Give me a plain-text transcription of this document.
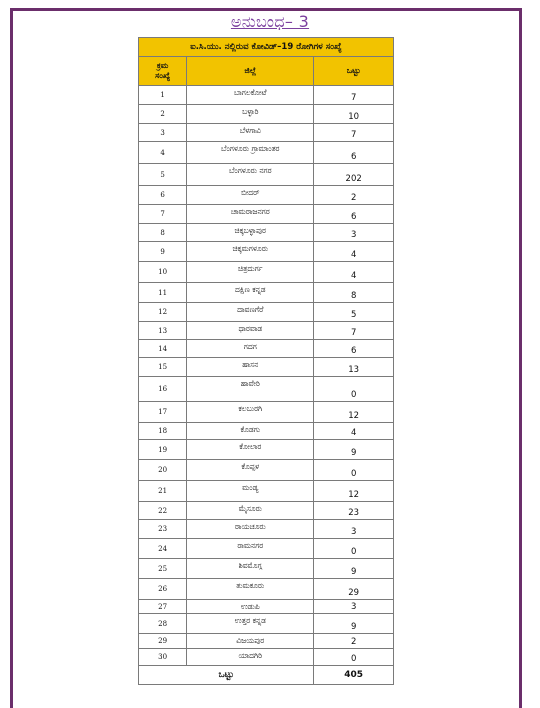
ಅನುಬಂಧ– 3
ಐ.ಸಿ.ಯು. ನಲ್ಲಿರುವ ಕೋವಿಡ್–19 ರೋಗಿಗಳ ಸಂಖ್ಯೆ		
ಕ್ರಮ
ಸಂಖ್ಯೆ	ಜಿಲ್ಲೆ	ಒಟ್ಟು
1	ಬಾಗಲಕೋಟೆ	7
2	ಬಳ್ಳಾರಿ	10
3	ಬೆಳಗಾವಿ	7
4	ಬೆಂಗಳೂರು ಗ್ರಾಮಾಂತರ	6
5	ಬೆಂಗಳೂರು ನಗರ	202
6	ಬೀದರ್	2
7	ಚಾಮರಾಜನಗರ	6
8	ಚಿಕ್ಕಬಳ್ಳಾಪುರ	3
9	ಚಿಕ್ಕಮಗಳೂರು	4
10	ಚಿತ್ರದುರ್ಗ	4
11	ದಕ್ಷಿಣ ಕನ್ನಡ	8
12	ದಾವಣಗೆರೆ	5
13	ಧಾರವಾಡ	7
14	ಗದಗ	6
15	ಹಾಸನ	13
16	ಹಾವೇರಿ	0
17	ಕಲಬುರಗಿ	12
18	ಕೊಡಗು	4
19	ಕೋಲಾರ	9
20	ಕೊಪ್ಪಳ	0
21	ಮಂಡ್ಯ	12
22	ಮೈಸೂರು	23
23	ರಾಯಚೂರು	3
24	ರಾಮನಗರ	0
25	ಶಿವಮೊಗ್ಗ	9
26	ತುಮಕೂರು	29
27	ಉಡುಪಿ	3
28	ಉತ್ತರ ಕನ್ನಡ	9
29	ವಿಜಯಪುರ	2
30	ಯಾದಗಿರಿ	0
ಒಟ್ಟು		405
